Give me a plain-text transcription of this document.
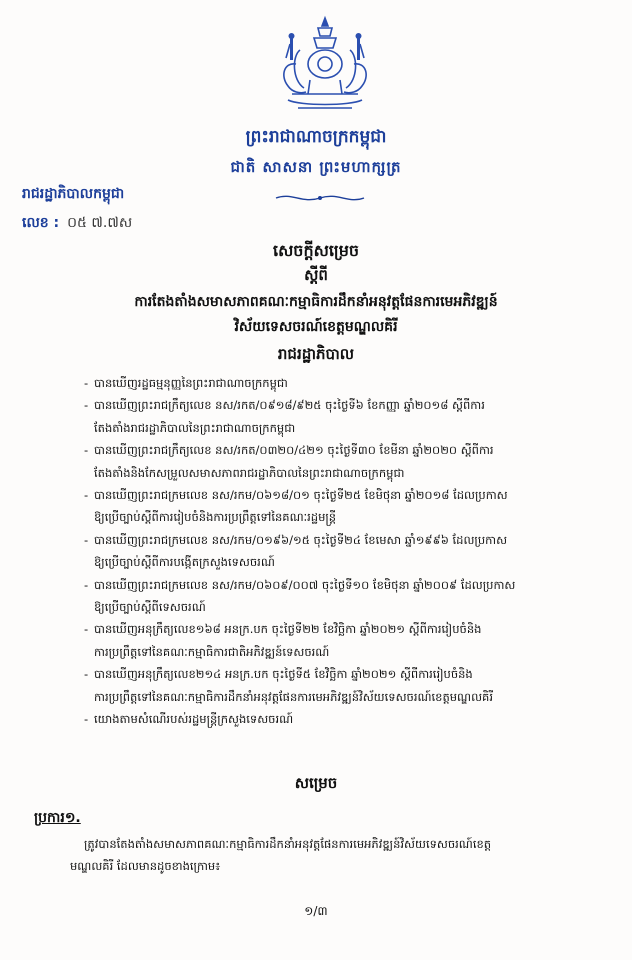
ព្រះរាជាណាចក្រកម្ពុជា
ជាតិ សាសនា ព្រះមហាក្សត្រ
រាជរដ្ឋាភិបាលកម្ពុជា
លេខ : ០៥ ៧.៧ស
សេចក្ដីសម្រេច
ស្ដីពី
ការតែងតាំងសមាសភាពគណៈកម្មាធិការដឹកនាំអនុវត្តផែនការមេអភិវឌ្ឍន៍
វិស័យទេសចរណ៍ខេត្តមណ្ឌលគិរី
រាជរដ្ឋាភិបាល
- បានឃើញរដ្ឋធម្មនុញ្ញនៃព្រះរាជាណាចក្រកម្ពុជា
- បានឃើញព្រះរាជក្រឹត្យលេខ នស/រកត/០៩១៨/៩២៥ ចុះថ្ងៃទី៦ ខែកញ្ញា ឆ្នាំ២០១៨ ស្ដីពីការ
តែងតាំងរាជរដ្ឋាភិបាលនៃព្រះរាជាណាចក្រកម្ពុជា
- បានឃើញព្រះរាជក្រឹត្យលេខ នស/រកត/០៣២០/៤២១ ចុះថ្ងៃទី៣០ ខែមីនា ឆ្នាំ២០២០ ស្ដីពីការ
តែងតាំងនិងកែសម្រួលសមាសភាពរាជរដ្ឋាភិបាលនៃព្រះរាជាណាចក្រកម្ពុជា
- បានឃើញព្រះរាជក្រមលេខ នស/រកម/០៦១៨/០១ ចុះថ្ងៃទី២៥ ខែមិថុនា ឆ្នាំ២០១៨ ដែលប្រកាស
ឱ្យប្រើច្បាប់ស្ដីពីការរៀបចំនិងការប្រព្រឹត្តទៅនៃគណៈរដ្ឋមន្ត្រី
- បានឃើញព្រះរាជក្រមលេខ នស/រកម/០១៩៦/១៥ ចុះថ្ងៃទី២៤ ខែមេសា ឆ្នាំ១៩៩៦ ដែលប្រកាស
ឱ្យប្រើច្បាប់ស្ដីពីការបង្កើតក្រសួងទេសចរណ៍
- បានឃើញព្រះរាជក្រមលេខ នស/រកម/០៦០៩/០០៧ ចុះថ្ងៃទី១០ ខែមិថុនា ឆ្នាំ២០០៩ ដែលប្រកាស
ឱ្យប្រើច្បាប់ស្ដីពីទេសចរណ៍
- បានឃើញអនុក្រឹត្យលេខ១៦៨ អនក្រ.បក ចុះថ្ងៃទី២២ ខែវិច្ឆិកា ឆ្នាំ២០២១ ស្ដីពីការរៀបចំនិង
ការប្រព្រឹត្តទៅនៃគណៈកម្មាធិការជាតិអភិវឌ្ឍន៍ទេសចរណ៍
- បានឃើញអនុក្រឹត្យលេខ២១៤ អនក្រ.បក ចុះថ្ងៃទី៥ ខែវិច្ឆិកា ឆ្នាំ២០២១ ស្ដីពីការរៀបចំនិង
ការប្រព្រឹត្តទៅនៃគណៈកម្មាធិការដឹកនាំអនុវត្តផែនការមេអភិវឌ្ឍន៍វិស័យទេសចរណ៍ខេត្តមណ្ឌលគិរី
- យោងតាមសំណើរបស់រដ្ឋមន្ត្រីក្រសួងទេសចរណ៍
សម្រេច
ប្រការ១.
ត្រូវបានតែងតាំងសមាសភាពគណៈកម្មាធិការដឹកនាំអនុវត្តផែនការមេអភិវឌ្ឍន៍វិស័យទេសចរណ៍ខេត្ត
មណ្ឌលគិរី ដែលមានដូចខាងក្រោម៖
១/៣
